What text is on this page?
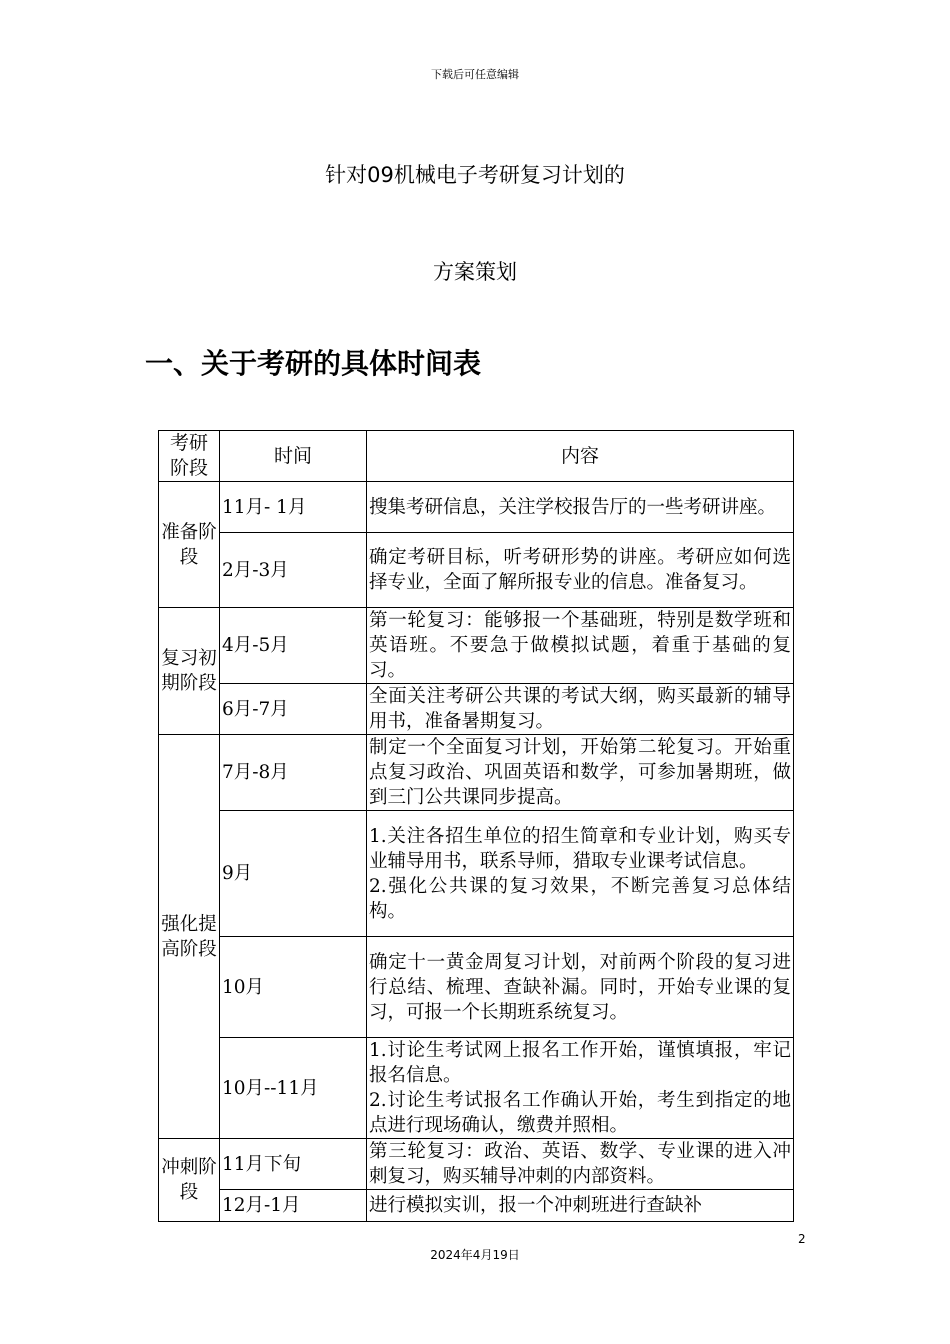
下载后可任意编辑
针对09机械电子考研复习计划的
方案策划
一、关于考研的具体时间表
考研阶段	时间	内容
准备阶段	11月- 1月	搜集考研信息，关注学校报告厅的一些考研讲座。

	2月-3月	确定考研目标，听考研形势的讲座。考研应如何选择专业，全面了解所报专业的信息。准备复习。

复习初期阶段	4月-5月	第一轮复习：能够报一个基础班，特别是数学班和英语班。不要急于做模拟试题，着重于基础的复习。

	6月-7月	全面关注考研公共课的考试大纲，购买最新的辅导用书，准备暑期复习。

强化提高阶段	7月-8月	制定一个全面复习计划，开始第二轮复习。开始重点复习政治、巩固英语和数学，可参加暑期班，做到三门公共课同步提高。

	9月	1.关注各招生单位的招生简章和专业计划，购买专业辅导用书，联系导师，猎取专业课考试信息。
2.强化公共课的复习效果，不断完善复习总体结构。

	10月	确定十一黄金周复习计划，对前两个阶段的复习进行总结、梳理、查缺补漏。同时，开始专业课的复习，可报一个长期班系统复习。

	10月--11月	1.讨论生考试网上报名工作开始，谨慎填报，牢记报名信息。
2.讨论生考试报名工作确认开始，考生到指定的地点进行现场确认，缴费并照相。

冲刺阶段	11月下旬	第三轮复习：政治、英语、数学、专业课的进入冲刺复习，购买辅导冲刺的内部资料。

	12月-1月	进行模拟实训，报一个冲刺班进行查缺补
2
2024年4月19日
